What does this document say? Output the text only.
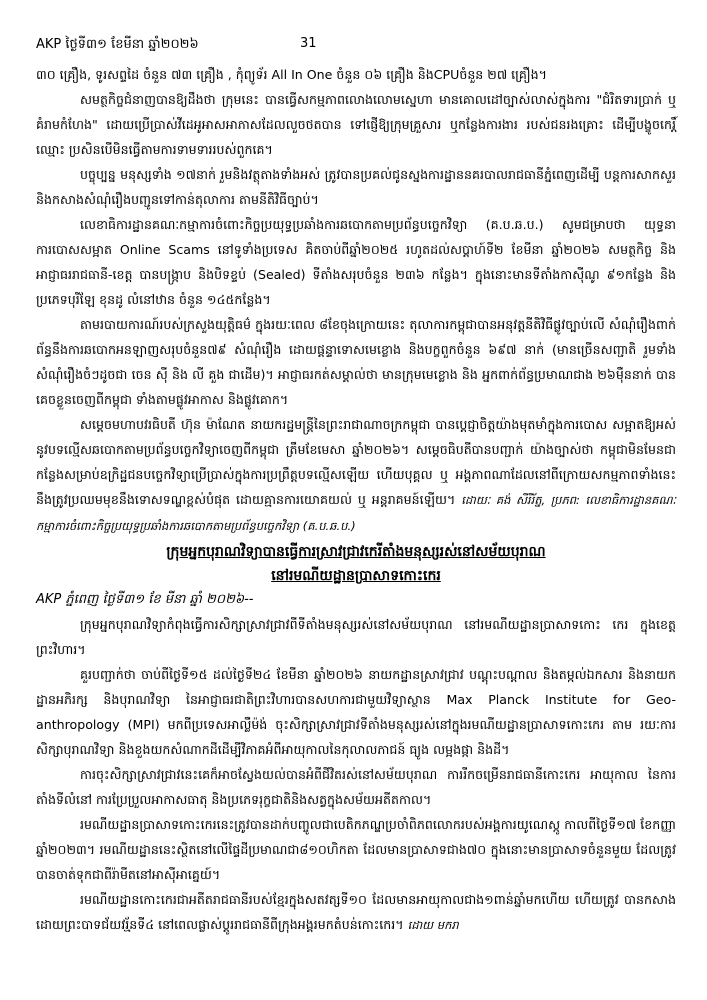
AKP ថ្ងៃទី៣១ ខែមីនា ឆ្នាំ២០២៦	31

៣០ គ្រឿង, ទូរសព្ទដៃ ចំនួន ៧៣ គ្រឿង , កុំព្យូទ័រ All In One ចំនួន ០៦ គ្រឿង និងCPUចំនួន ២៧ គ្រឿង។

សមត្ថកិច្ចជំនាញបានឱ្យដឹងថា ក្រុមនេះ បានធ្វើសកម្មភាពលោងលោមស្នេហា មានគោលដៅច្បាស់លាស់ក្នុងការ "ជំរិតទារប្រាក់ ឬគំរាមកំហែង" ដោយប្រើប្រាស់វីដេអូអាសអាភាសដែលលួចថតបាន ទៅផ្ញើឱ្យក្រុមគ្រួសារ ឬកន្លែងការងារ របស់ជនរងគ្រោះ ដើម្បីបង្ខូចកេរ្តិ៍ឈ្មោះ ប្រសិនបើមិនធ្វើតាមការទាមទាររបស់ពួកគេ។

បច្ចុប្បន្ន មនុស្សទាំង ១៧នាក់ រួមនិងវត្ថុតាងទាំងអស់ ត្រូវបានប្រគល់ជូនស្នងការដ្ឋាននគរបាលរាជធានីភ្នំពេញដើម្បី បន្តការសាកសួរ និងកសាងសំណុំរឿងបញ្ជូនទៅកាន់តុលាការ តាមនីតិវិធីច្បាប់។

លេខាធិការដ្ឋានគណៈកម្មាការចំពោះកិច្ចប្រយុទ្ធប្រឆាំងការឆបោកតាមប្រព័ន្ធបច្ចេកវិទ្យា (គ.ប.ឆ.ប.) សូមជម្រាបថា យុទ្ធនាការបោសសម្អាត Online Scams នៅទូទាំងប្រទេស គិតចាប់ពីឆ្នាំ២០២៥ រហូតដល់សប្តាហ៍ទី២ ខែមីនា ឆ្នាំ២០២៦ សមត្ថកិច្ច និងអាជ្ញាធររាជធានី-ខេត្ត បានបង្ក្រាប និងបិទខ្ទប់ (Sealed) ទីតាំងសរុបចំនួន ២៣៦ កន្លែង។ ក្នុងនោះមានទីតាំងកាស៊ីណូ ៩១កន្លែង និងប្រភេទបុរីឡែ ខុនដូ លំនៅឋាន ចំនួន ១៤៥កន្លែង។

តាមរបាយការណ៍របស់ក្រសួងយុត្តិធម៌ ក្នុងរយៈពេល ៨ខែចុងក្រោយនេះ តុលាការកម្ពុជាបានអនុវត្តនីតិវិធីផ្លូវច្បាប់លើ សំណុំរឿងពាក់ព័ន្ធនឹងការឆបោកអនឡាញសរុបចំនួន៧៩ សំណុំរឿង ដោយផ្តន្ទាទោសមេខ្លោង និងបក្ខពួកចំនួន ៦៩៧ នាក់ (មានច្រើនសញ្ជាតិ រួមទាំងសំណុំរឿងចំៗដូចជា ចេន ស៊ី និង លី គួង ជាដើម)។ អាជ្ញាធរកត់សម្គាល់ថា មានក្រុមមេខ្លោង និង អ្នកពាក់ព័ន្ធប្រមាណជាង ២៦ម៉ឺននាក់ បានគេចខ្លួនចេញពីកម្ពុជា ទាំងតាមផ្លូវអាកាស និងផ្លូវគោក។

សម្តេចមហាបវរធិបតី ហ៊ុន ម៉ាណែត នាយករដ្ឋមន្ត្រីនៃព្រះរាជាណាចក្រកម្ពុជា បានប្តេជ្ញាចិត្តយ៉ាងមុតមាំក្នុងការបោស សម្អាតឱ្យអស់នូវបទល្មើសឆបោកតាមប្រព័ន្ធបច្ចេកវិទ្យាចេញពីកម្ពុជា ត្រឹមខែមេសា ឆ្នាំ២០២៦។ សម្តេចធិបតីបានបញ្ជាក់ យ៉ាងច្បាស់ថា កម្ពុជាមិនមែនជាកន្លែងសម្រាប់ឧក្រិដ្ឋជនបច្ចេកវិទ្យាប្រើប្រាស់ក្នុងការប្រព្រឹត្តបទល្មើសឡើយ ហើយបុគ្គល ឬ អង្គភាពណាដែលនៅពីក្រោយសកម្មភាពទាំងនេះ នឹងត្រូវប្រឈមមុខនឹងទោសទណ្ឌខ្ពស់បំផុត ដោយគ្មានការយោគយល់ ឬ អន្តរាគមន៍ឡើយ។ ដោយៈ គង់ សីរីរ័ត្ន, ប្រភព: លេខាធិការដ្ឋានគណៈកម្មាការចំពោះកិច្ចប្រយុទ្ធប្រឆាំងការឆបោកតាមប្រព័ន្ធបច្ចេកវិទ្យា (គ.ប.ឆ.ប.)

ក្រុមអ្នកបុរាណវិទ្យាបានធ្វើការស្រាវជ្រាវកេរីតាំងមនុស្សរស់នៅសម័យបុរាណ
នៅរមណីយដ្ឋានប្រាសាទកោះកេរ

AKP ភ្នំពេញ ថ្ងៃទី៣១ ខែ មីនា ឆ្នាំ ២០២៦--

ក្រុមអ្នកបុរាណវិទ្យាកំពុងធ្វើការសិក្សាស្រាវជ្រាវពីទីតាំងមនុស្សរស់នៅសម័យបុរាណ នៅរមណីយដ្ឋានប្រាសាទកោះ កេរ ក្នុងខេត្តព្រះវិហារ។

គួរបញ្ជាក់ថា ចាប់ពីថ្ងៃទី១៥ ដល់ថ្ងៃទី២៤ ខែមីនា ឆ្នាំ២០២៦ នាយកដ្ឋានស្រាវជ្រាវ បណ្តុះបណ្តាល និងតម្កល់ឯកសារ និងនាយកដ្ឋានអភិរក្ស និងបុរាណវិទ្យា នៃអាជ្ញាធរជាតិព្រះវិហារបានសហការជាមួយវិទ្យាស្ថាន Max Planck Institute for Geo-anthropology (MPI) មកពីប្រទេសអាល្លឺម៉ង់ ចុះសិក្សាស្រាវជ្រាវទីតាំងមនុស្សរស់នៅក្នុងរមណីយដ្ឋានប្រាសាទកោះកេរ តាម រយៈការសិក្សាបុរាណវិទ្យា និងខួងយកសំណាកដីដើម្បីវិភាគអំពីអាយុកាលនៃកុលាលភាជន៍ ធ្យូង លម្អងផ្កា និងដី។

ការចុះសិក្សាស្រាវជ្រាវនេះគេក៏អាចស្វែងយល់បានអំពីជីវិតរស់នៅសម័យបុរាណ ការរីកចម្រើនរាជធានីកោះកេរ អាយុកាល នៃការតាំងទីលំនៅ ការប្រែប្រួលអាកាសធាតុ និងប្រភេទរុក្ខជាតិនិងសត្វក្នុងសម័យអតីតកាល។

រមណីយដ្ឋានប្រាសាទកោះកេរនេះត្រូវបានដាក់បញ្ចូលជាបេតិកភណ្ឌប្រចាំពិភពលោករបស់អង្គការយូណេស្កូ កាលពីថ្ងៃទី១៧ ខែកញ្ញា ឆ្នាំ២០២៣។ រមណីយដ្ឋាននេះស្ថិតនៅលើផ្ទៃដីប្រមាណជា៨១០ហិកតា ដែលមានប្រាសាទជាង៧០ ក្នុងនោះមានប្រាសាទចំនួនមួយ ដែលត្រូវបានចាត់ទុកជាពីរ៉ាមីតនៅអាស៊ីអាគ្នេយ៍។

រមណីយដ្ឋានកោះកេរជាអតីតរាជធានីរបស់ខ្មែរក្នុងសតវត្សទី១០ ដែលមានអាយុកាលជាង១ពាន់ឆ្នាំមកហើយ ហើយត្រូវ បានកសាងដោយព្រះបាទជ័យវរ្ម័នទី៤ នៅពេលផ្លាស់ប្តូររាជធានីពីក្រុងអង្គរមកតំបន់កោះកេរ។ ដោយ មករា
